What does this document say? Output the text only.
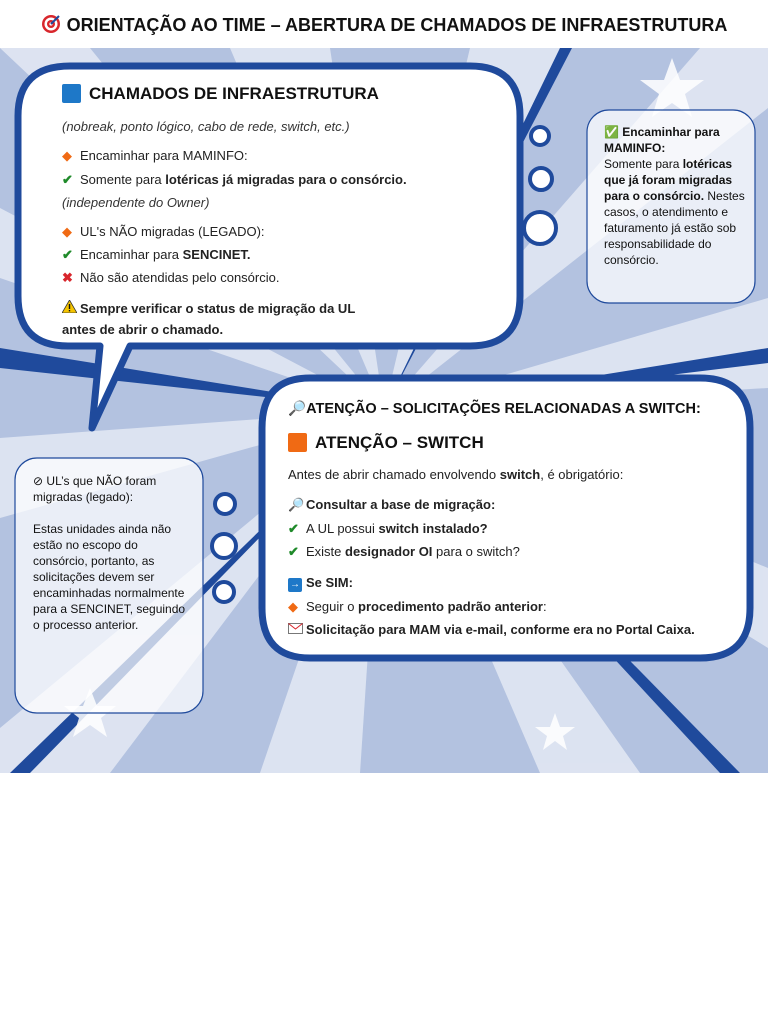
ORIENTAÇÃO AO TIME – ABERTURA DE CHAMADOS DE INFRAESTRUTURA
CHAMADOS DE INFRAESTRUTURA
(nobreak, ponto lógico, cabo de rede, switch, etc.)
◆ Encaminhar para MAMINFO:
✔ Somente para lotéricas já migradas para o consórcio.
(independente do Owner)
◆ UL's NÃO migradas (LEGADO):
✔ Encaminhar para SENCINET.
✖ Não são atendidas pelo consórcio.
Sempre verificar o status de migração da UL
antes de abrir o chamado.
✅ Encaminhar para MAMINFO:
Somente para lotéricas que já foram migradas para o consórcio. Nestes casos, o atendimento e faturamento já estão sob responsabilidade do consórcio.
⊘ UL’s que NÃO foram migradas (legado):

Estas unidades ainda não estão no escopo do consórcio, portanto, as solicitações devem ser encaminhadas normalmente para a SENCINET, seguindo o processo anterior.
🔎ATENÇÃO – SOLICITAÇÕES RELACIONADAS A SWITCH:
ATENÇÃO – SWITCH
Antes de abrir chamado envolvendo switch, é obrigatório:
🔎 Consultar a base de migração:
✔ A UL possui switch instalado?
✔ Existe designador OI para o switch?
→ Se SIM:
◆ Seguir o procedimento padrão anterior:
Solicitação para MAM via e-mail, conforme era no Portal Caixa.
